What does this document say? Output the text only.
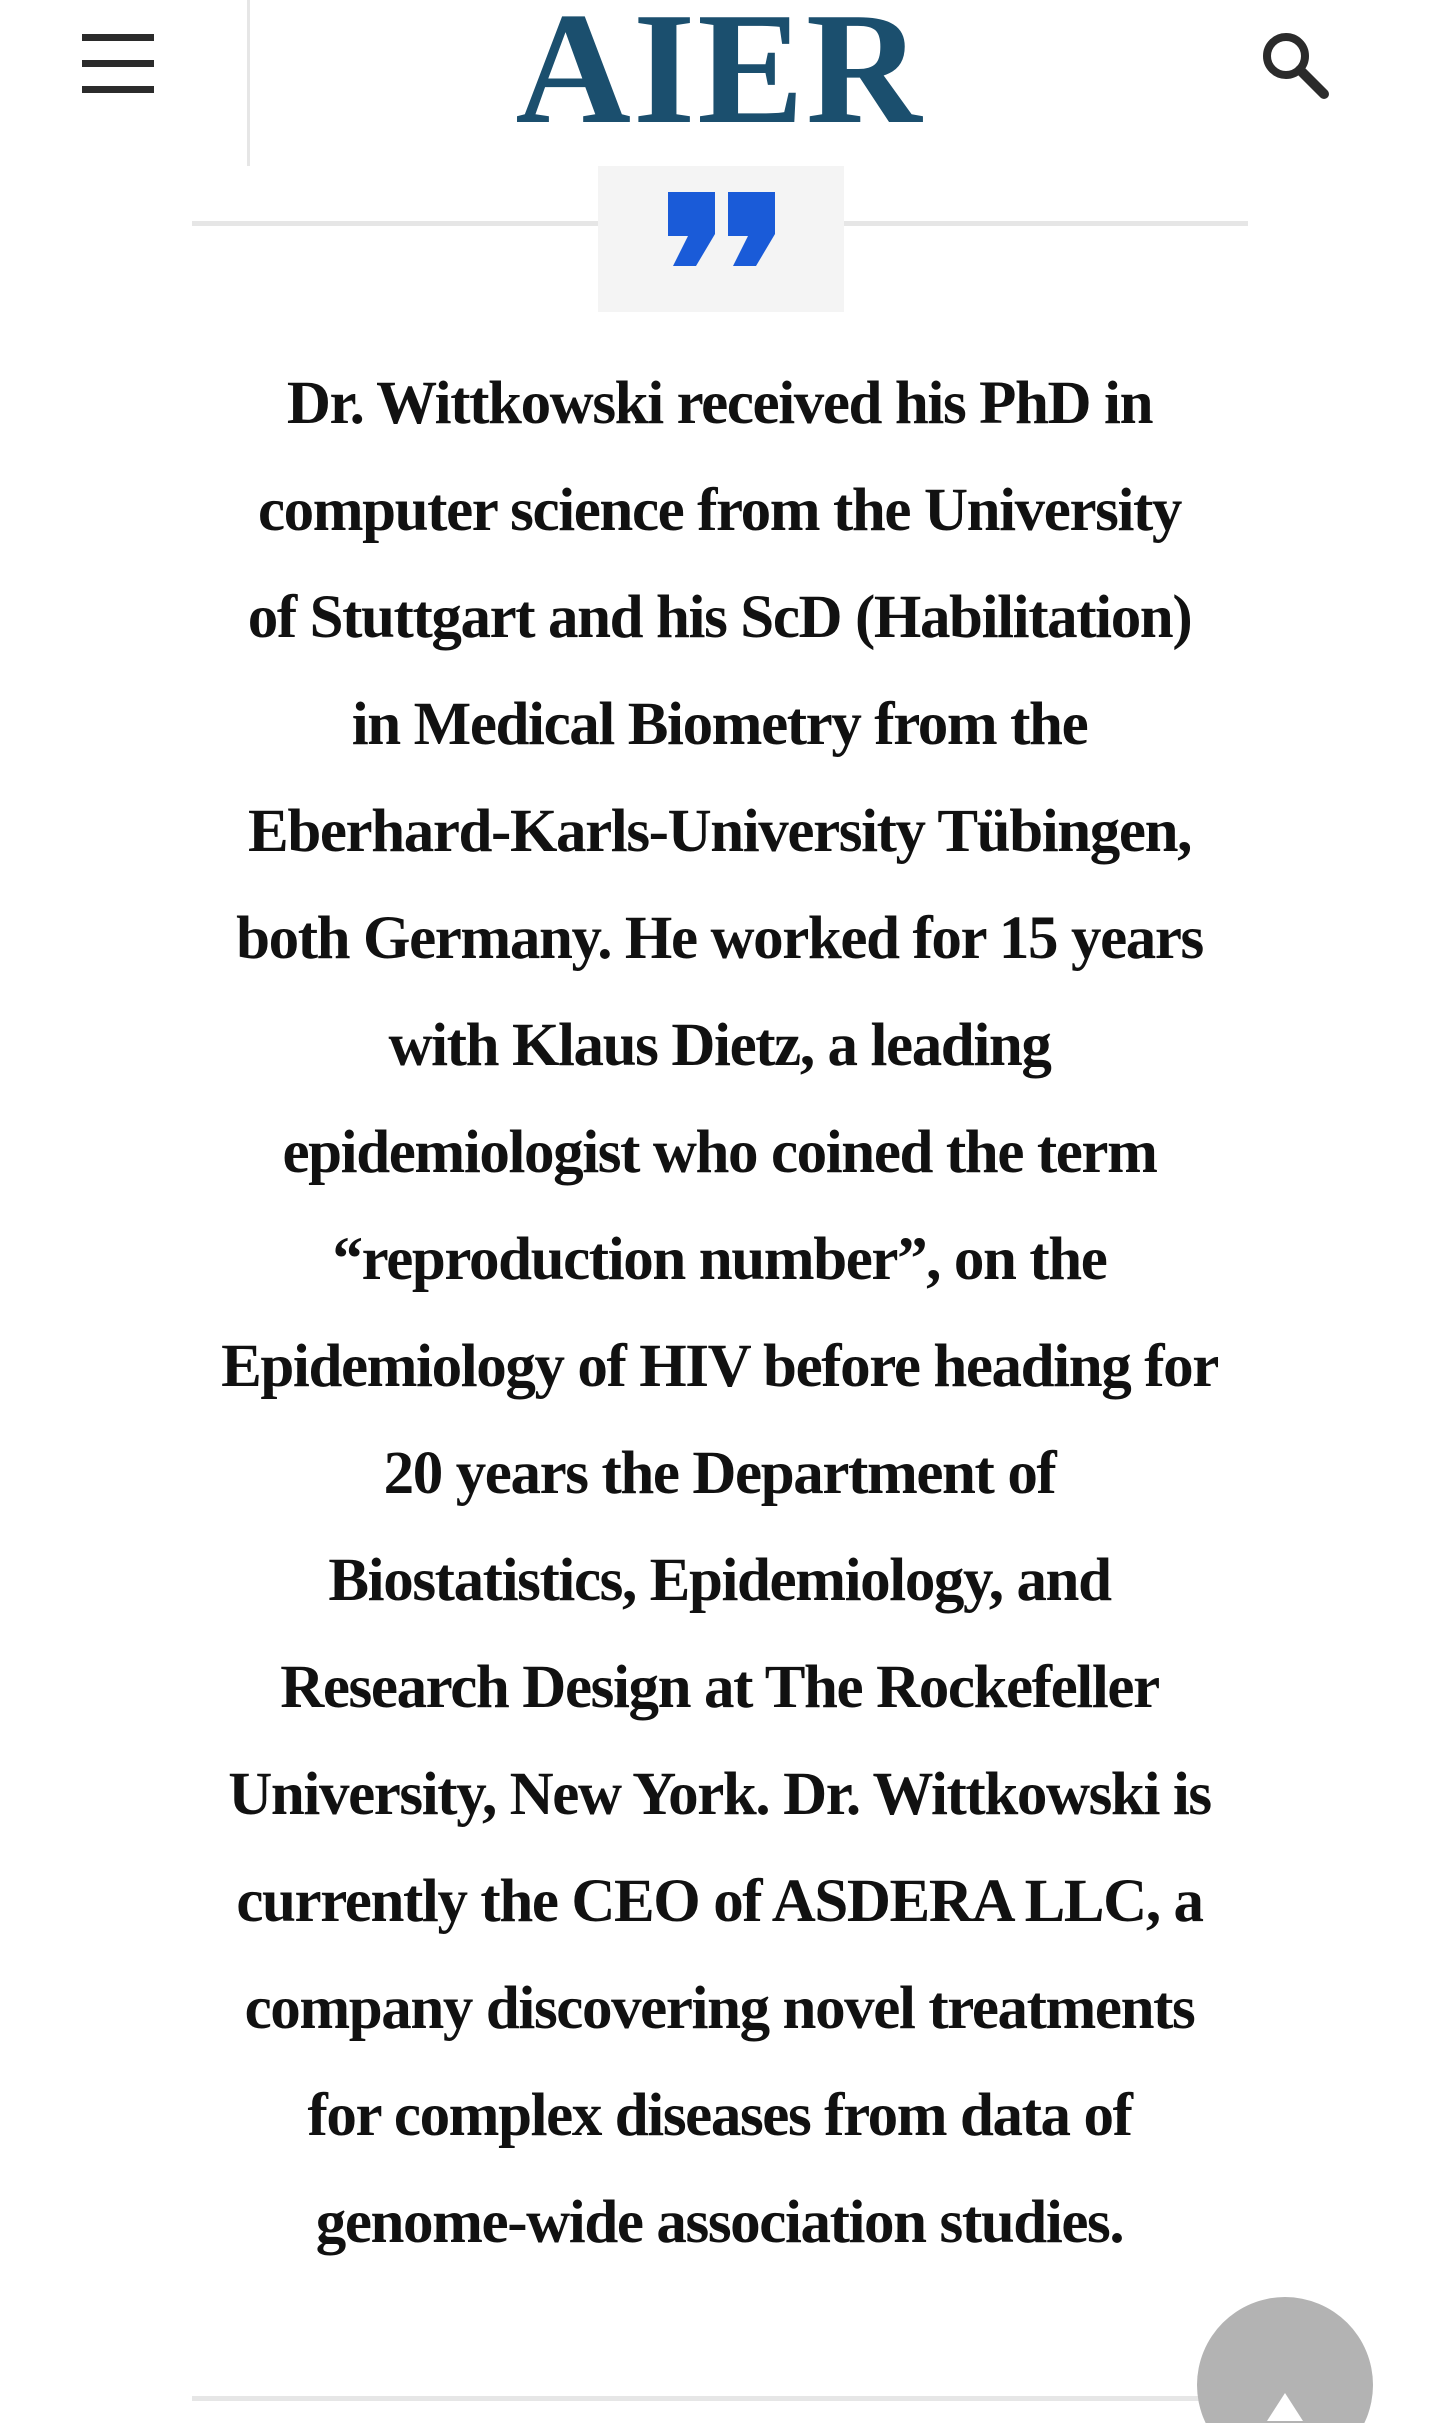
AIER
Dr. Wittkowski received his PhD in
computer science from the University
of Stuttgart and his ScD (Habilitation)
in Medical Biometry from the
Eberhard-Karls-University Tübingen,
both Germany. He worked for 15 years
with Klaus Dietz, a leading
epidemiologist who coined the term
“reproduction number”, on the
Epidemiology of HIV before heading for
20 years the Department of
Biostatistics, Epidemiology, and
Research Design at The Rockefeller
University, New York. Dr. Wittkowski is
currently the CEO of ASDERA LLC, a
company discovering novel treatments
for complex diseases from data of
genome-wide association studies.
